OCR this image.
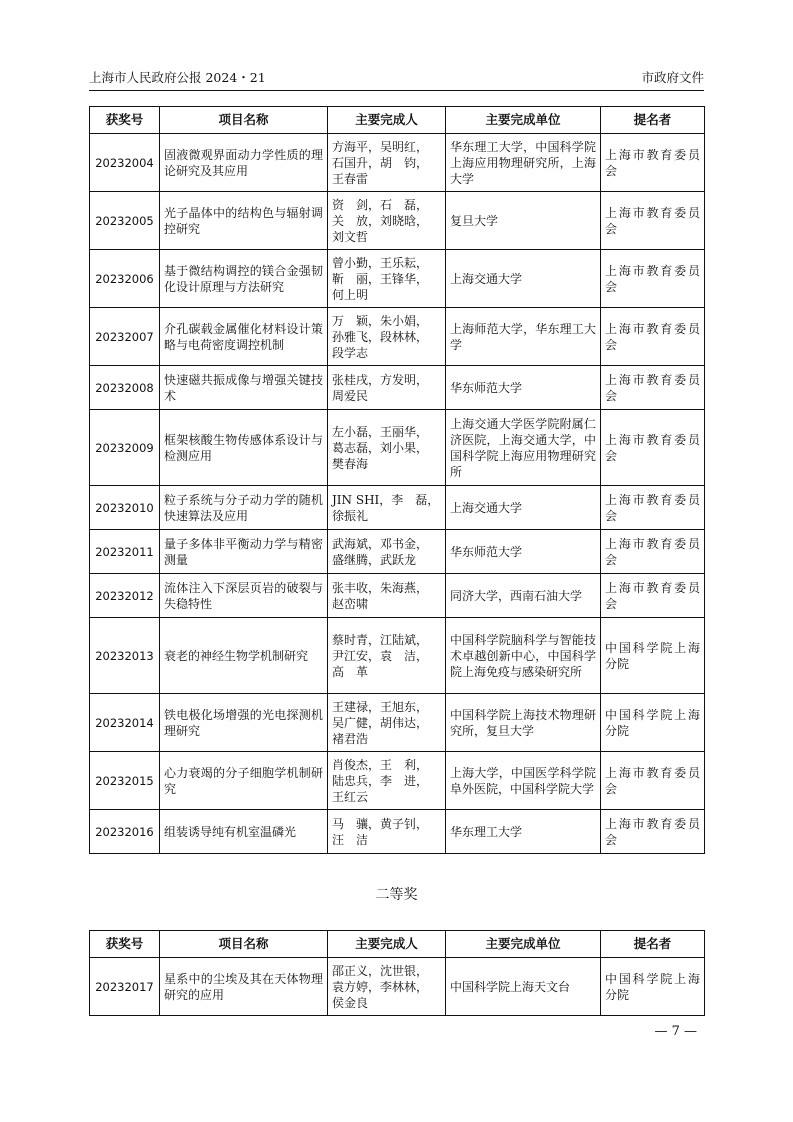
上海市人民政府公报 2024・21	市政府文件
获奖号	项目名称	主要完成人	主要完成单位	提名者
20232004	固液微观界面动力学性质的理论研究及其应用	方海平，吴明红，
石国升，胡　钧，
王春雷	华东理工大学，中国科学院上海应用物理研究所，上海大学	上海市教育委员会
20232005	光子晶体中的结构色与辐射调控研究	资　剑，石　磊，
关　放，刘晓晗，
刘文哲	复旦大学	上海市教育委员会
20232006	基于微结构调控的镁合金强韧化设计原理与方法研究	曾小勤，王乐耘，
靳　丽，王锋华，
何上明	上海交通大学	上海市教育委员会
20232007	介孔碳载金属催化材料设计策略与电荷密度调控机制	万　颖，朱小娟，
孙雅飞，段林林，
段学志	上海师范大学，华东理工大学	上海市教育委员会
20232008	快速磁共振成像与增强关键技术	张桂戌，方发明，
周爱民	华东师范大学	上海市教育委员会
20232009	框架核酸生物传感体系设计与检测应用	左小磊，王丽华，
葛志磊，刘小果，
樊春海	上海交通大学医学院附属仁济医院，上海交通大学，中国科学院上海应用物理研究所	上海市教育委员会
20232010	粒子系统与分子动力学的随机快速算法及应用	JIN SHI，李　磊，
徐振礼	上海交通大学	上海市教育委员会
20232011	量子多体非平衡动力学与精密测量	武海斌，邓书金，
盛继腾，武跃龙	华东师范大学	上海市教育委员会
20232012	流体注入下深层页岩的破裂与失稳特性	张丰收，朱海燕，
赵峦啸	同济大学，西南石油大学	上海市教育委员会
20232013	衰老的神经生物学机制研究	蔡时青，江陆斌，
尹江安，袁　洁，
高　革	中国科学院脑科学与智能技术卓越创新中心，中国科学院上海免疫与感染研究所	中国科学院上海分院
20232014	铁电极化场增强的光电探测机理研究	王建禄，王旭东，
吴广健，胡伟达，
褚君浩	中国科学院上海技术物理研究所，复旦大学	中国科学院上海分院
20232015	心力衰竭的分子细胞学机制研究	肖俊杰，王　利，
陆忠兵，李　进，
王红云	上海大学，中国医学科学院阜外医院，中国科学院大学	上海市教育委员会
20232016	组装诱导纯有机室温磷光	马　骧，黄子钊，
汪　洁	华东理工大学	上海市教育委员会
二等奖
获奖号	项目名称	主要完成人	主要完成单位	提名者
20232017	星系中的尘埃及其在天体物理研究的应用	邵正义，沈世银，
袁方婷，李林林，
侯金良	中国科学院上海天文台	中国科学院上海分院
— 7 —
